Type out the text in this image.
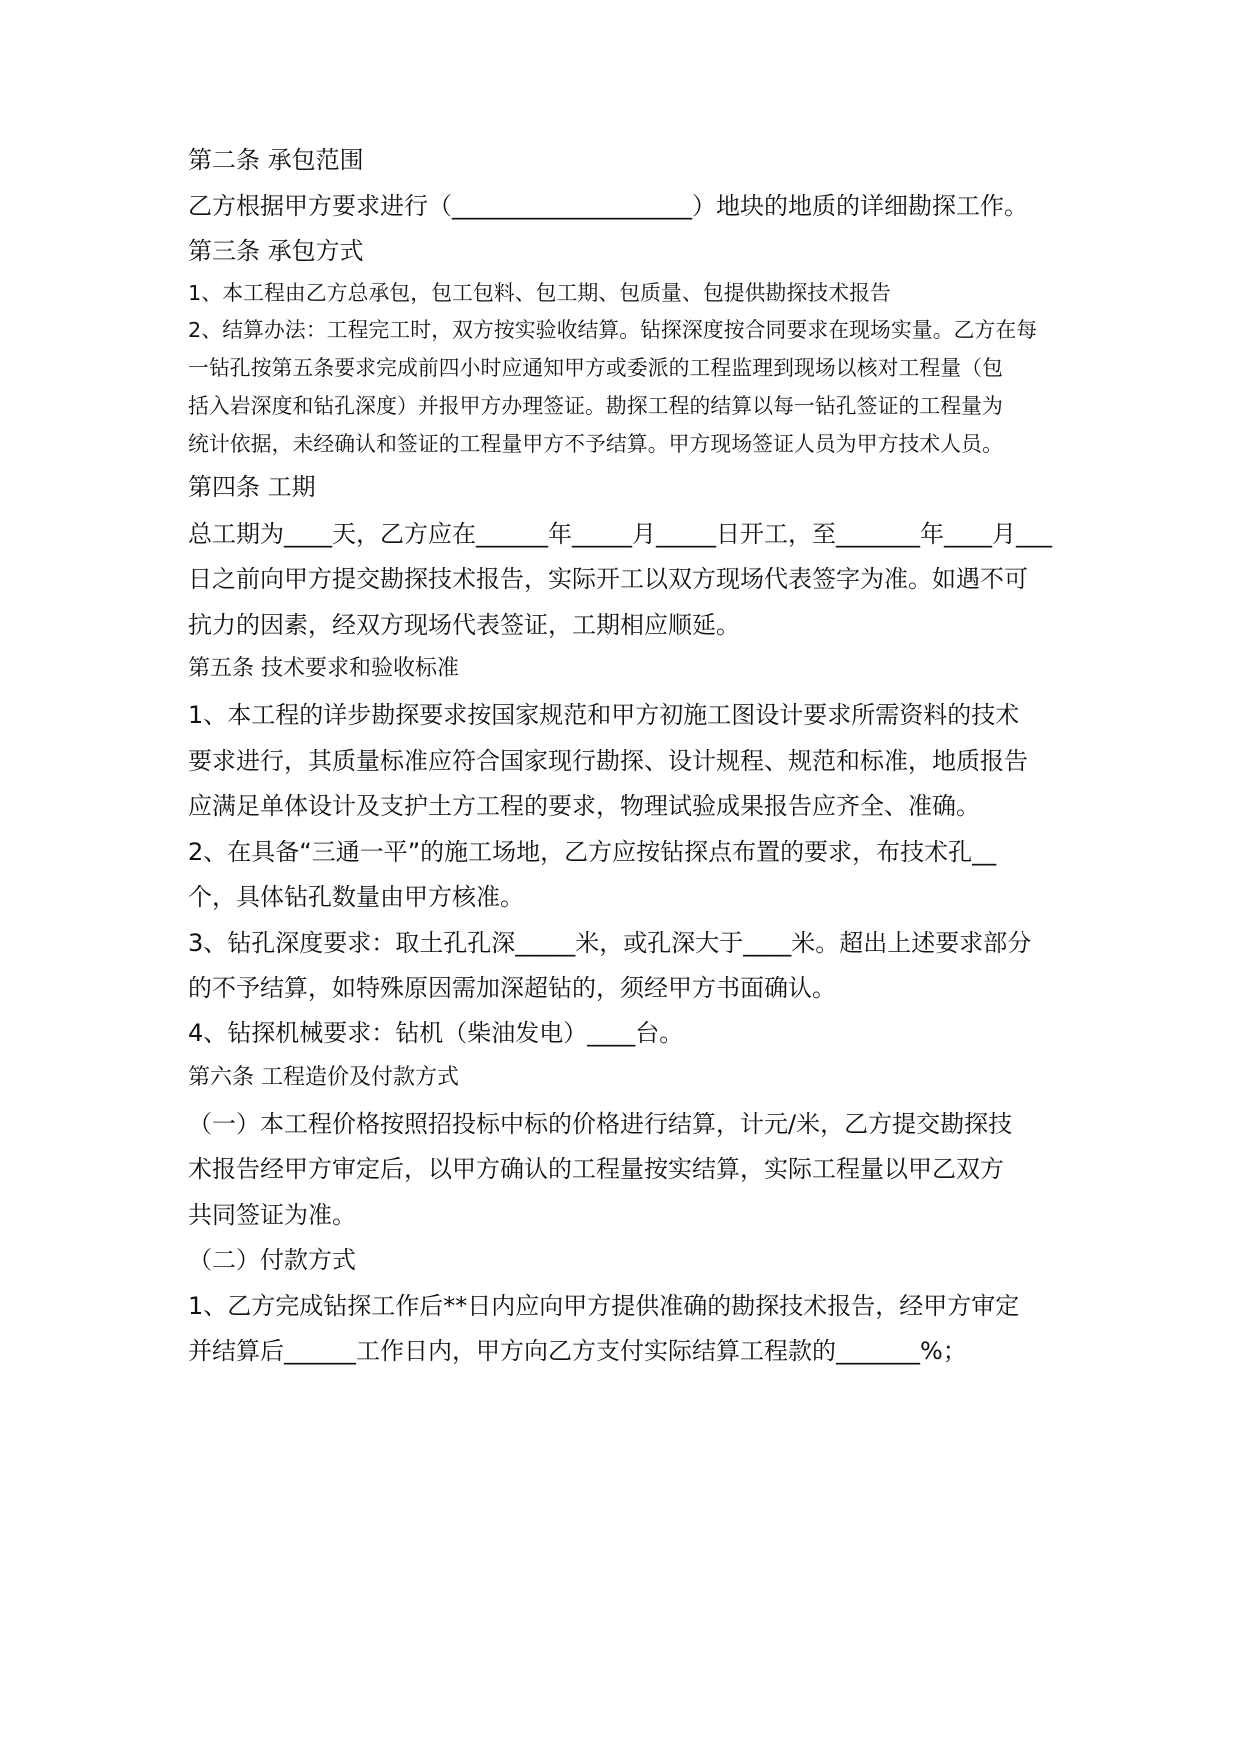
第二条 承包范围
乙方根据甲方要求进行（____________________）地块的地质的详细勘探工作。
第三条 承包方式
1、本工程由乙方总承包，包工包料、包工期、包质量、包提供勘探技术报告
2、结算办法：工程完工时，双方按实验收结算。钻探深度按合同要求在现场实量。乙方在每
一钻孔按第五条要求完成前四小时应通知甲方或委派的工程监理到现场以核对工程量（包
括入岩深度和钻孔深度）并报甲方办理签证。勘探工程的结算以每一钻孔签证的工程量为
统计依据，未经确认和签证的工程量甲方不予结算。甲方现场签证人员为甲方技术人员。
第四条 工期
总工期为____天，乙方应在______年_____月_____日开工，至_______年____月___
日之前向甲方提交勘探技术报告，实际开工以双方现场代表签字为准。如遇不可
抗力的因素，经双方现场代表签证，工期相应顺延。
第五条 技术要求和验收标准
1、本工程的详步勘探要求按国家规范和甲方初施工图设计要求所需资料的技术
要求进行，其质量标准应符合国家现行勘探、设计规程、规范和标准，地质报告
应满足单体设计及支护土方工程的要求，物理试验成果报告应齐全、准确。
2、在具备“三通一平”的施工场地，乙方应按钻探点布置的要求，布技术孔__
个，具体钻孔数量由甲方核准。
3、钻孔深度要求：取土孔孔深_____米，或孔深大于____米。超出上述要求部分
的不予结算，如特殊原因需加深超钻的，须经甲方书面确认。
4、钻探机械要求：钻机（柴油发电）____台。
第六条 工程造价及付款方式
（一）本工程价格按照招投标中标的价格进行结算，计元/米，乙方提交勘探技
术报告经甲方审定后，以甲方确认的工程量按实结算，实际工程量以甲乙双方
共同签证为准。
（二）付款方式
1、乙方完成钻探工作后**日内应向甲方提供准确的勘探技术报告，经甲方审定
并结算后______工作日内，甲方向乙方支付实际结算工程款的_______%；
